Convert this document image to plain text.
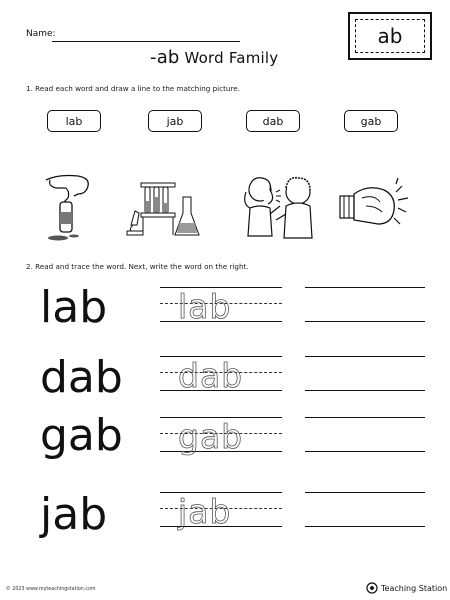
Name:
-ab Word Family
ab
1. Read each word and draw a line to the matching picture.
lab	jab	dab	gab
2. Read and trace the word. Next, write the word on the right.
lab lab
dab dab
gab gab
jab jab
© 2023 www.myteachingstation.com	Teaching Station
